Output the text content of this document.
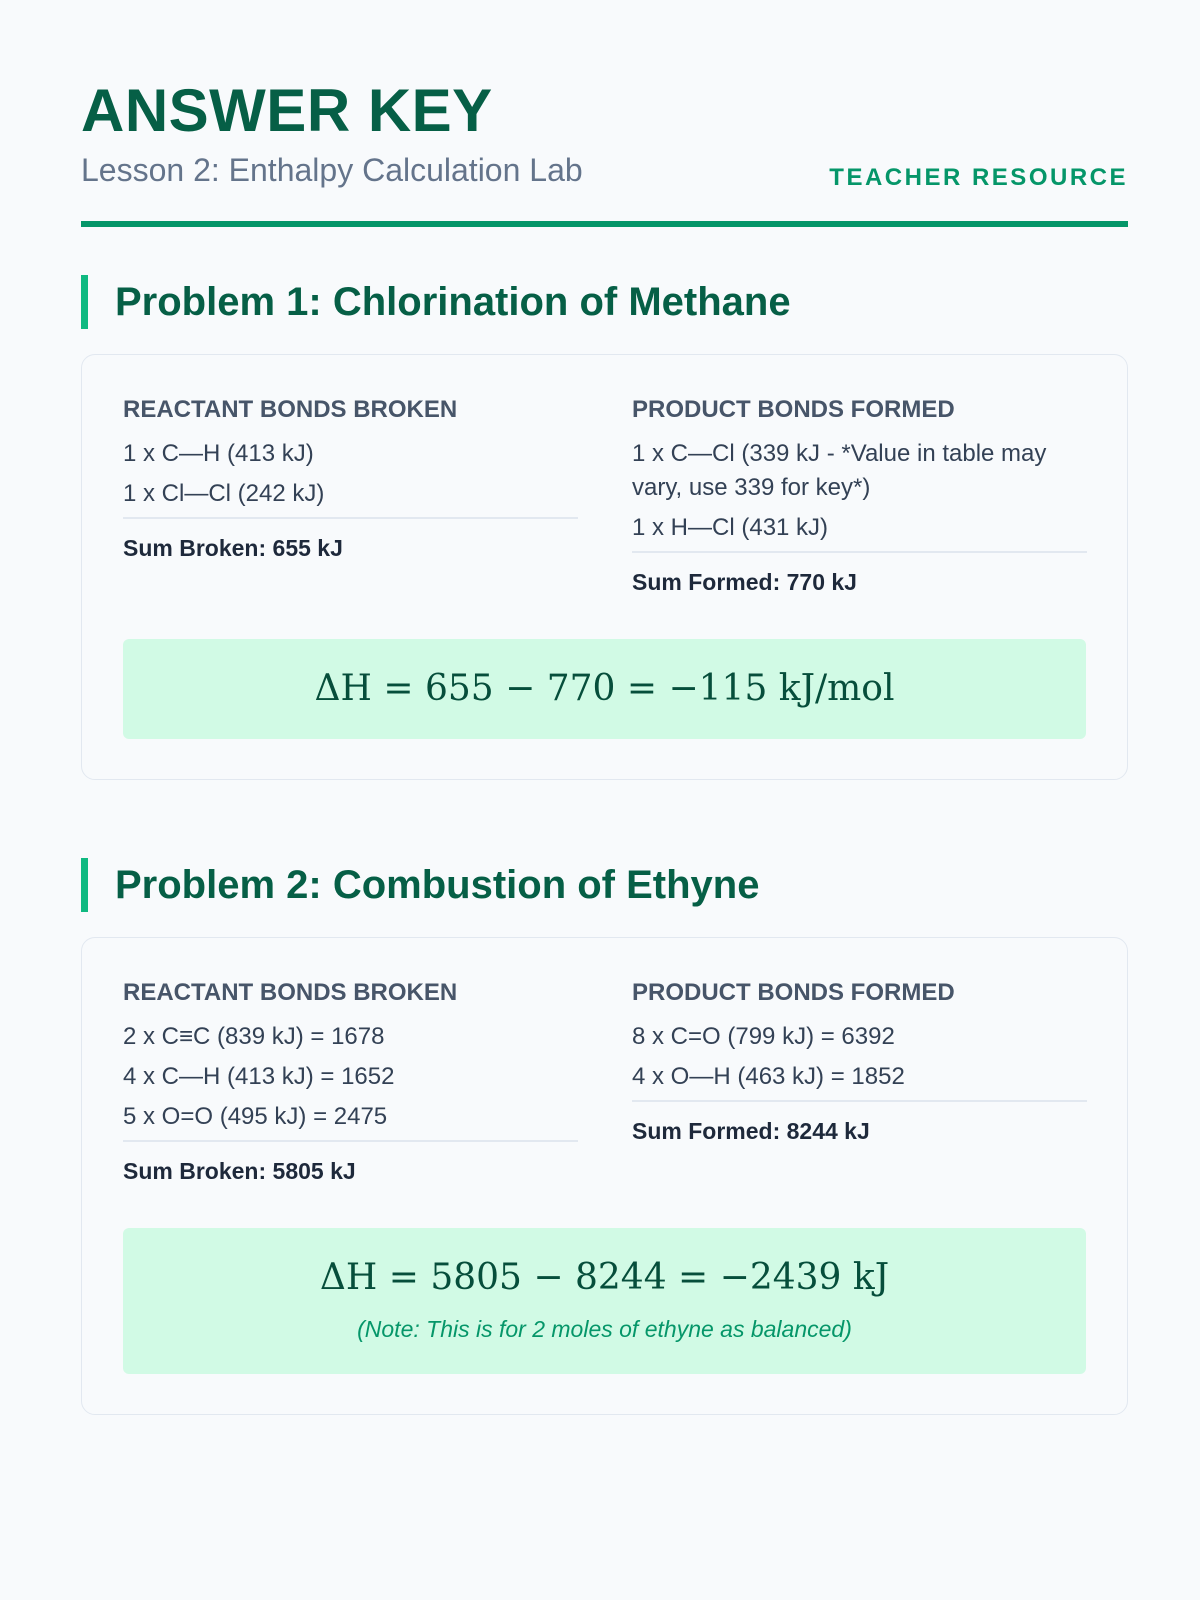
ANSWER KEY
Lesson 2: Enthalpy Calculation Lab	TEACHER RESOURCE
Problem 1: Chlorination of Methane
REACTANT BONDS BROKEN
1 x C—H (413 kJ)
1 x Cl—Cl (242 kJ)
Sum Broken: 655 kJ
PRODUCT BONDS FORMED
1 x C—Cl (339 kJ - *Value in table may vary, use 339 for key*)
1 x H—Cl (431 kJ)
Sum Formed: 770 kJ
ΔH = 655 − 770 = −115 kJ/mol
Problem 2: Combustion of Ethyne
REACTANT BONDS BROKEN
2 x C≡C (839 kJ) = 1678
4 x C—H (413 kJ) = 1652
5 x O=O (495 kJ) = 2475
Sum Broken: 5805 kJ
PRODUCT BONDS FORMED
8 x C=O (799 kJ) = 6392
4 x O—H (463 kJ) = 1852
Sum Formed: 8244 kJ
ΔH = 5805 − 8244 = −2439 kJ
(Note: This is for 2 moles of ethyne as balanced)
